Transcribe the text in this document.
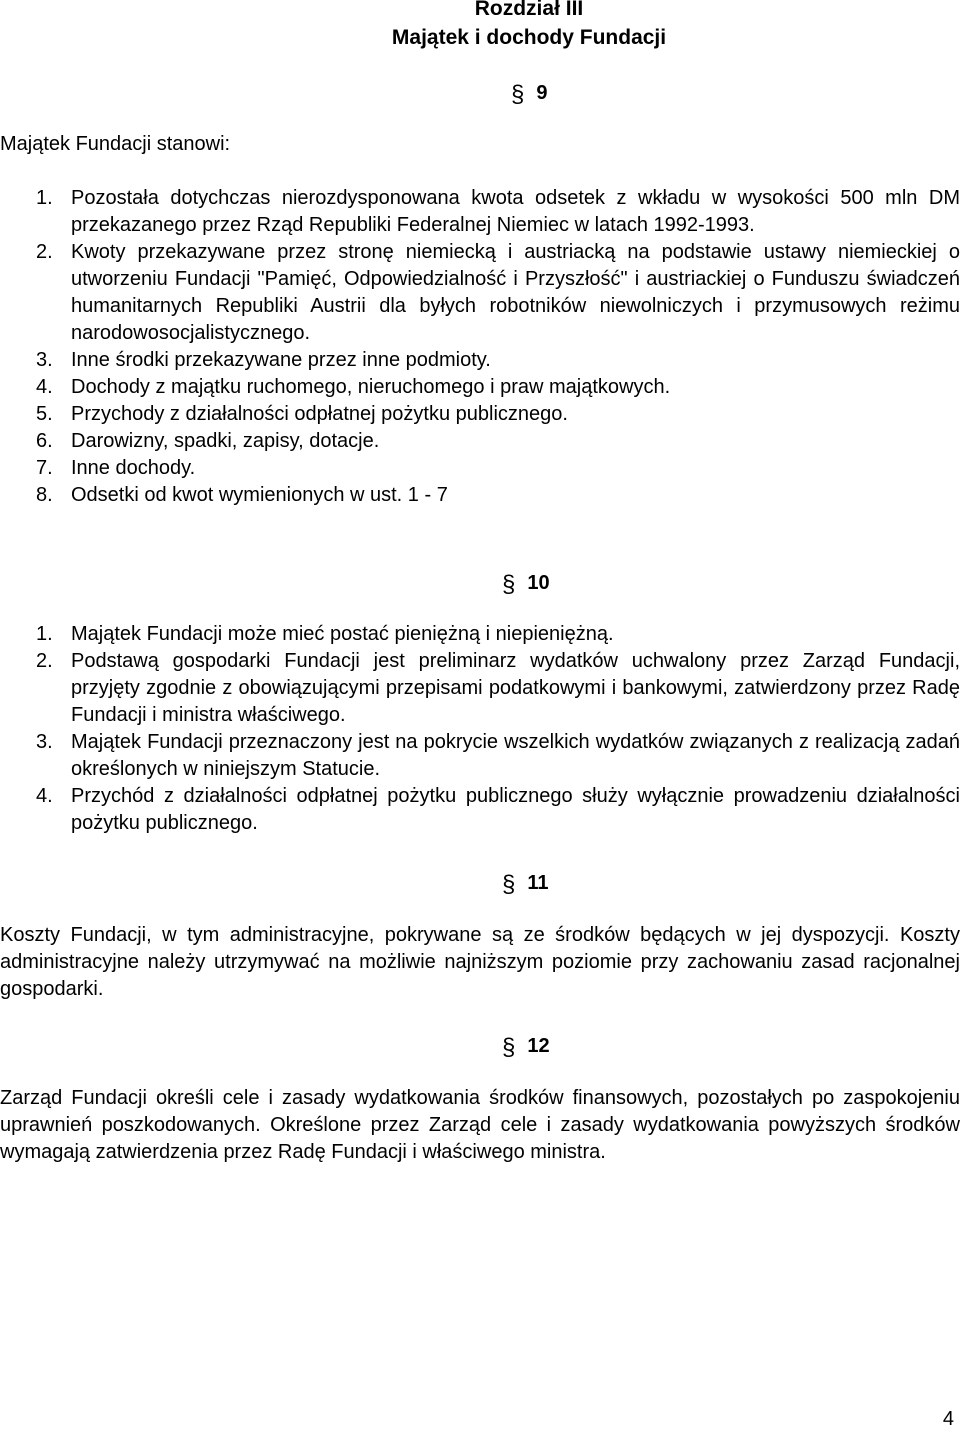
Rozdział III
Majątek i dochody Fundacji
§ 9
Majątek Fundacji stanowi:
1. Pozostała dotychczas nierozdysponowana kwota odsetek z wkładu w wysokości 500 mln DM przekazanego przez Rząd Republiki Federalnej Niemiec w latach 1992-1993.
2. Kwoty przekazywane przez stronę niemiecką i austriacką na podstawie ustawy niemieckiej o utworzeniu Fundacji "Pamięć, Odpowiedzialność i Przyszłość" i austriackiej o Funduszu świadczeń humanitarnych Republiki Austrii dla byłych robotników niewolniczych i przymusowych reżimu narodowosocjalistycznego.
3. Inne środki przekazywane przez inne podmioty.
4. Dochody z majątku ruchomego, nieruchomego i praw majątkowych.
5. Przychody z działalności odpłatnej pożytku publicznego.
6. Darowizny, spadki, zapisy, dotacje.
7. Inne dochody.
8. Odsetki od kwot wymienionych w ust. 1 - 7
§ 10
1. Majątek Fundacji może mieć postać pieniężną i niepieniężną.
2. Podstawą gospodarki Fundacji jest preliminarz wydatków uchwalony przez Zarząd Fundacji, przyjęty zgodnie z obowiązującymi przepisami podatkowymi i bankowymi, zatwierdzony przez Radę Fundacji i ministra właściwego.
3. Majątek Fundacji przeznaczony jest na pokrycie wszelkich wydatków związanych z realizacją zadań określonych w niniejszym Statucie.
4. Przychód z działalności odpłatnej pożytku publicznego służy wyłącznie prowadzeniu działalności pożytku publicznego.
§ 11
Koszty Fundacji, w tym administracyjne, pokrywane są ze środków będących w jej dyspozycji. Koszty administracyjne należy utrzymywać na możliwie najniższym poziomie przy zachowaniu zasad racjonalnej gospodarki.
§ 12
Zarząd Fundacji określi cele i zasady wydatkowania środków finansowych, pozostałych po zaspokojeniu uprawnień poszkodowanych. Określone przez Zarząd cele i zasady wydatkowania powyższych środków wymagają zatwierdzenia przez Radę Fundacji i właściwego ministra.
4
